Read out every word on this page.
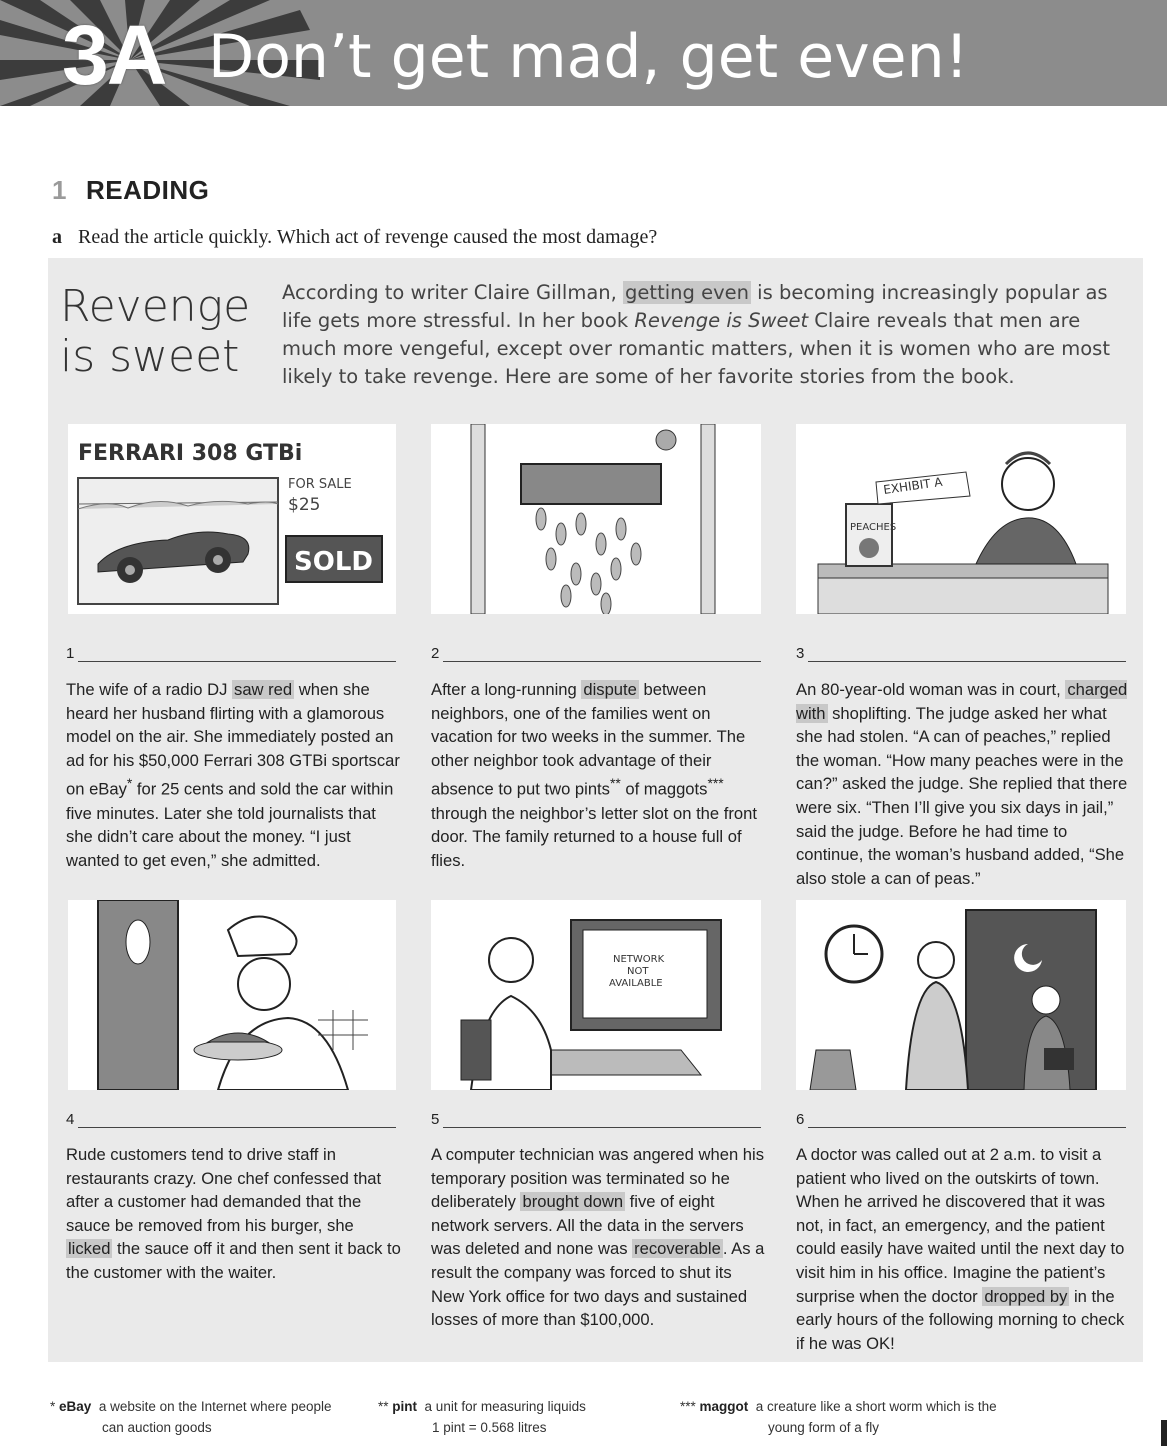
3A Don’t get mad, get even!
1 READING
a Read the article quickly. Which act of revenge caused the most damage?
Revenge
is sweet
According to writer Claire Gillman, getting even is becoming increasingly popular as life gets more stressful. In her book Revenge is Sweet Claire reveals that men are much more vengeful, except over romantic matters, when it is women who are most likely to take revenge. Here are some of her favorite stories from the book.
FERRARI 308 GTBi
FOR SALE
$25
SOLD
PEACHES
EXHIBIT A
1	2	3
The wife of a radio DJ saw red when she heard her husband flirting with a glamorous model on the air. She immediately posted an ad for his $50,000 Ferrari 308 GTBi sportscar on eBay* for 25 cents and sold the car within five minutes. Later she told journalists that she didn’t care about the money. “I just wanted to get even,” she admitted.
After a long-running dispute between neighbors, one of the families went on vacation for two weeks in the summer. The other neighbor took advantage of their absence to put two pints** of maggots*** through the neighbor’s letter slot on the front door. The family returned to a house full of flies.
An 80-year-old woman was in court, charged with shoplifting. The judge asked her what she had stolen. “A can of peaches,” replied the woman. “How many peaches were in the can?” asked the judge. She replied that there were six. “Then I’ll give you six days in jail,” said the judge. Before he had time to continue, the woman’s husband added, “She also stole a can of peas.”
NETWORK
NOT
AVAILABLE
4	5	6
Rude customers tend to drive staff in restaurants crazy. One chef confessed that after a customer had demanded that the sauce be removed from his burger, she licked the sauce off it and then sent it back to the customer with the waiter.
A computer technician was angered when his temporary position was terminated so he deliberately brought down five of eight network servers. All the data in the servers was deleted and none was recoverable . As a result the company was forced to shut its New York office for two days and sustained losses of more than $100,000.
A doctor was called out at 2 a.m. to visit a patient who lived on the outskirts of town. When he arrived he discovered that it was not, in fact, an emergency, and the patient could easily have waited until the next day to visit him in his office. Imagine the patient’s surprise when the doctor dropped by in the early hours of the following morning to check if he was OK!
* eBay a website on the Internet where people
can auction goods
** pint a unit for measuring liquids
1 pint = 0.568 litres
*** maggot a creature like a short worm which is the
young form of a fly
